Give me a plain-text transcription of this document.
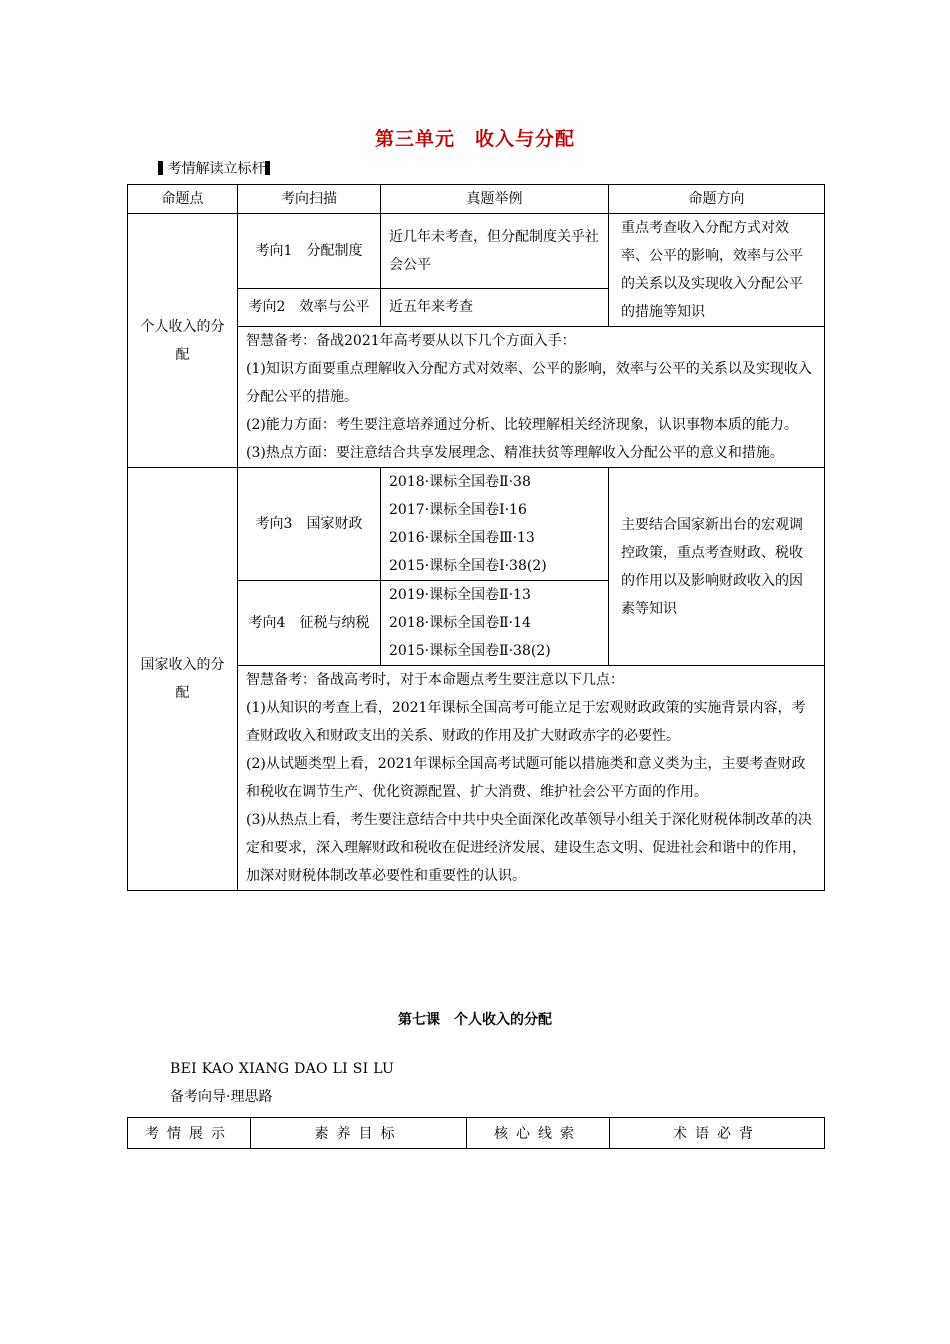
第三单元　收入与分配
考情解读立标杆
命题点	考向扫描	真题举例	命题方向
个人收入的分配	考向1　分配制度	近几年未考查，但分配制度关乎社会公平	重点考查收入分配方式对效率、公平的影响，效率与公平的关系以及实现收入分配公平的措施等知识
	考向2　效率与公平	近五年来考查	

	智慧备考：备战2021年高考要从以下几个方面入手：
(1)知识方面要重点理解收入分配方式对效率、公平的影响，效率与公平的关系以及实现收入分配公平的措施。
(2)能力方面：考生要注意培养通过分析、比较理解相关经济现象，认识事物本质的能力。
(3)热点方面：要注意结合共享发展理念、精准扶贫等理解收入分配公平的意义和措施。		

国家收入的分配	考向3　国家财政	2018·课标全国卷Ⅱ·38
2017·课标全国卷Ⅰ·16
2016·课标全国卷Ⅲ·13
2015·课标全国卷Ⅰ·38(2)	主要结合国家新出台的宏观调控政策，重点考查财政、税收的作用以及影响财政收入的因素等知识
	考向4　征税与纳税	2019·课标全国卷Ⅱ·13
2018·课标全国卷Ⅱ·14
2015·课标全国卷Ⅱ·38(2)	

	智慧备考：备战高考时，对于本命题点考生要注意以下几点：
(1)从知识的考查上看，2021年课标全国高考可能立足于宏观财政政策的实施背景内容，考查财政收入和财政支出的关系、财政的作用及扩大财政赤字的必要性。
(2)从试题类型上看，2021年课标全国高考试题可能以措施类和意义类为主，主要考查财政和税收在调节生产、优化资源配置、扩大消费、维护社会公平方面的作用。
(3)从热点上看，考生要注意结合中共中央全面深化改革领导小组关于深化财税体制改革的决定和要求，深入理解财政和税收在促进经济发展、建设生态文明、促进社会和谐中的作用，加深对财税体制改革必要性和重要性的认识。		
第七课　个人收入的分配
BEI KAO XIANG DAO LI SI LU
备考向导·理思路
考情展示	素养目标	核心线索	术语必背
